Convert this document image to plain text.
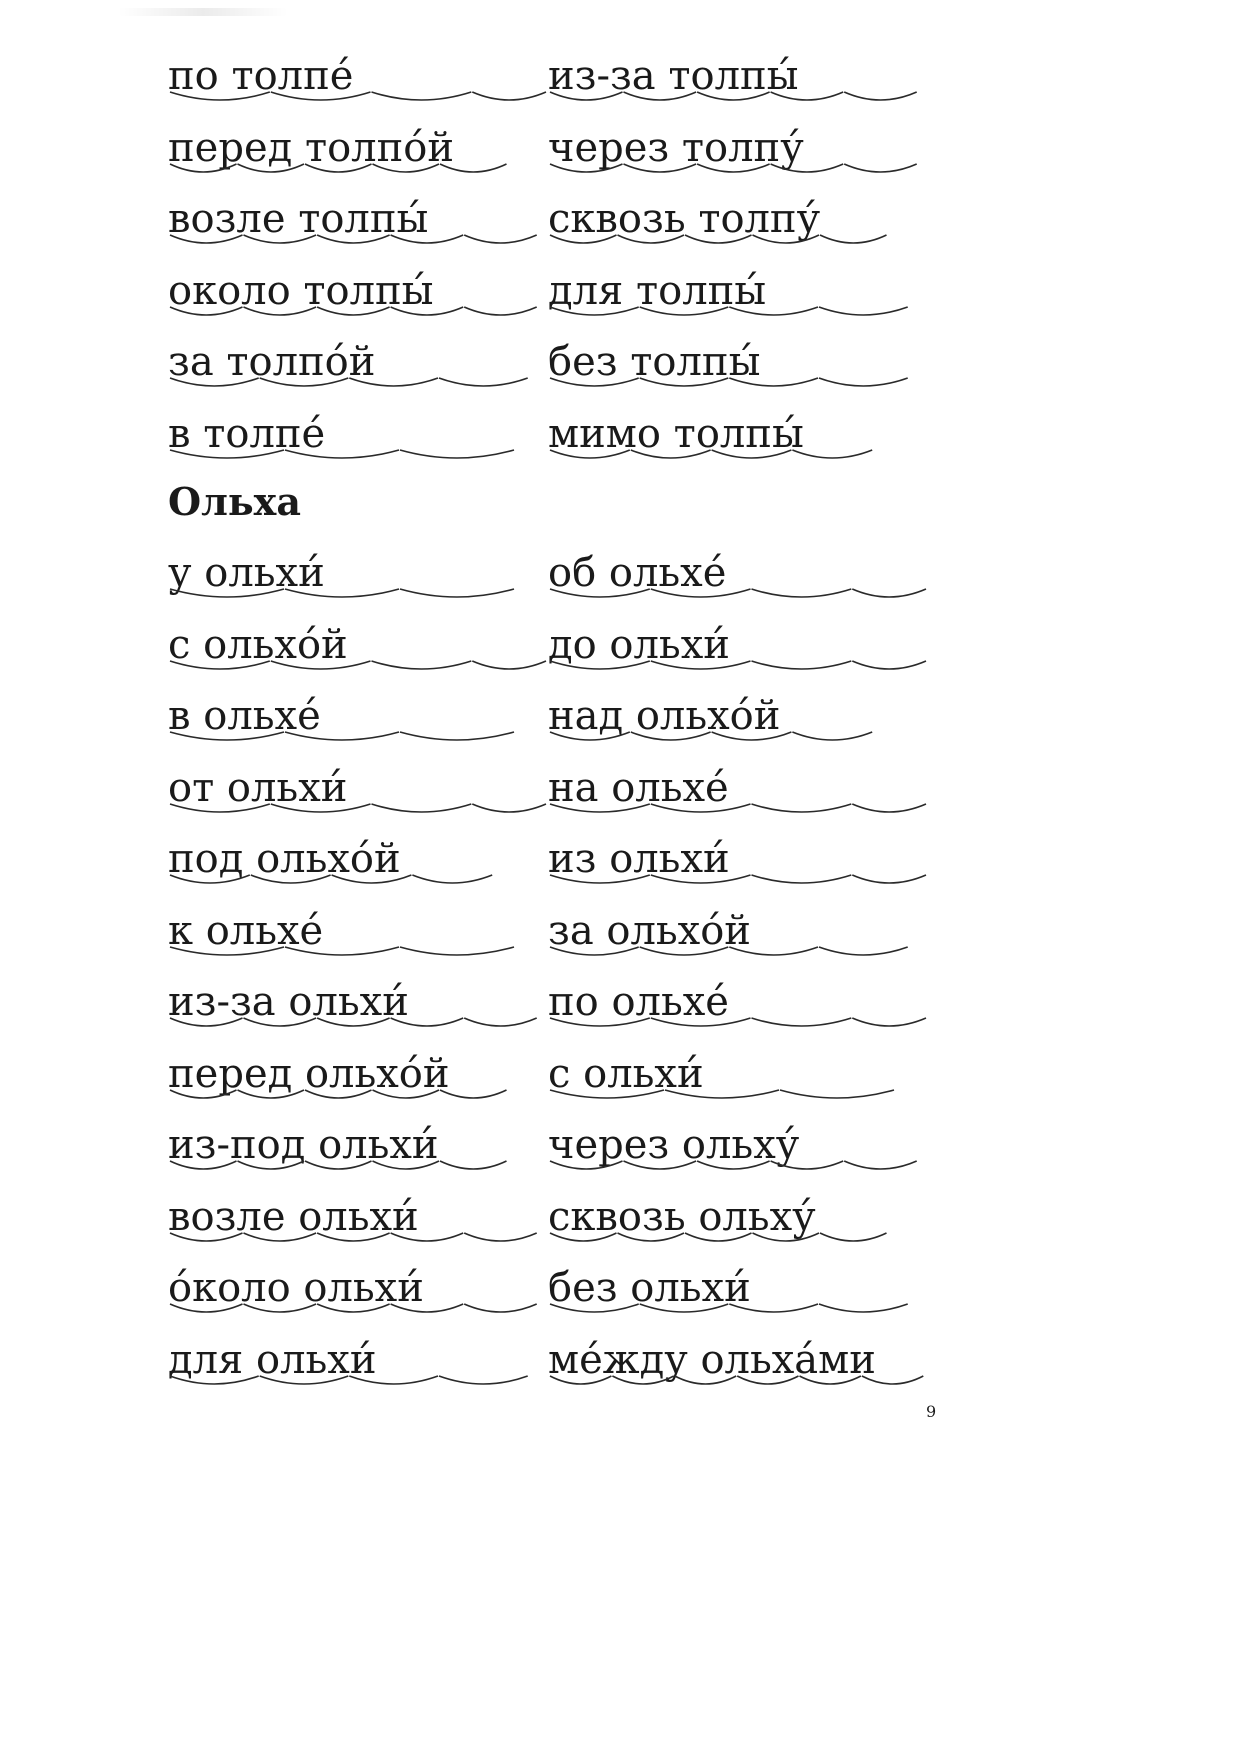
по толпе́	из-за толпы́
перед толпо́й	через толпу́
возле толпы́	сквозь толпу́
около толпы́	для толпы́
за толпо́й	без толпы́
в толпе́	мимо толпы́
Ольха
у ольхи́	об ольхе́
с ольхо́й	до ольхи́
в ольхе́	над ольхо́й
от ольхи́	на ольхе́
под ольхо́й	из ольхи́
к ольхе́	за ольхо́й
из-за ольхи́	по ольхе́
перед ольхо́й	с ольхи́
из-под ольхи́	через ольху́
возле ольхи́	сквозь ольху́
о́коло ольхи́	без ольхи́
для ольхи́	ме́жду ольха́ми
9
